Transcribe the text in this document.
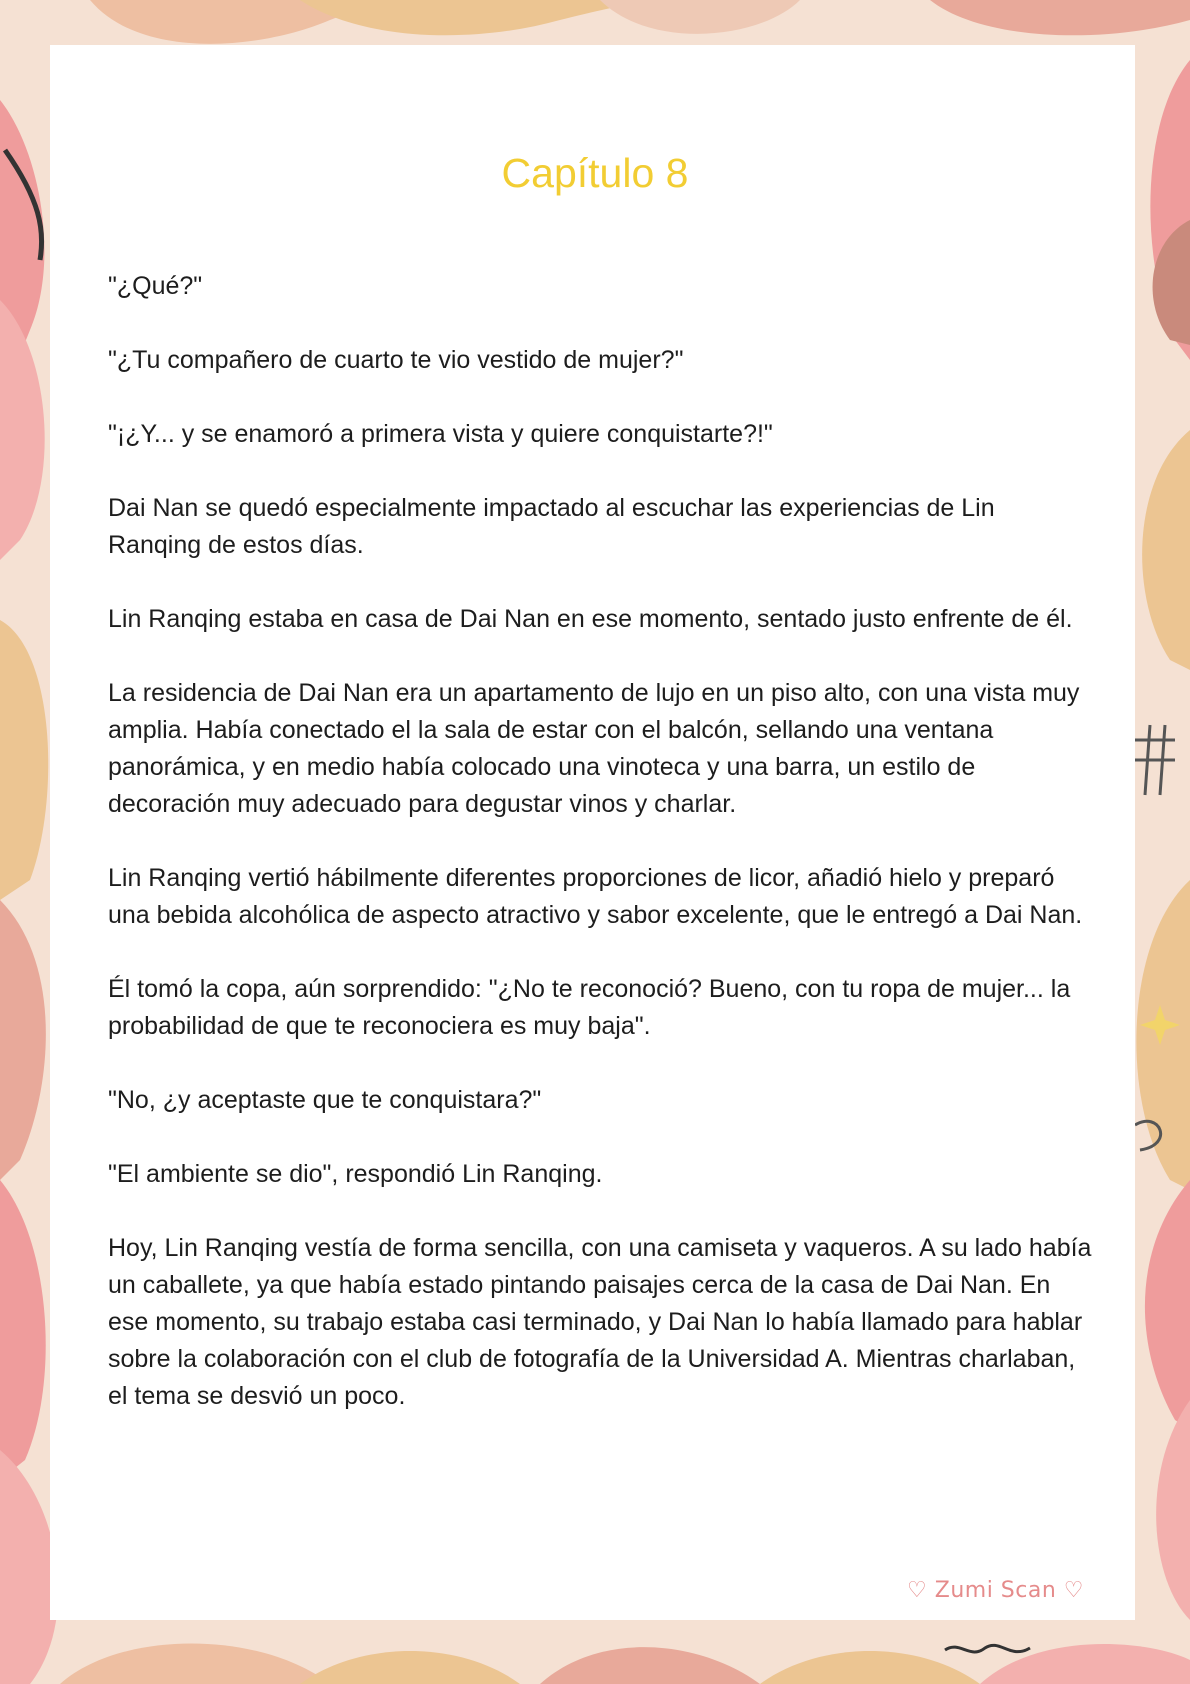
Capítulo 8

"¿Qué?"

"¿Tu compañero de cuarto te vio vestido de mujer?"

"¡¿Y... y se enamoró a primera vista y quiere conquistarte?!"

Dai Nan se quedó especialmente impactado al escuchar las experiencias de Lin Ranqing de estos días.

Lin Ranqing estaba en casa de Dai Nan en ese momento, sentado justo enfrente de él.

La residencia de Dai Nan era un apartamento de lujo en un piso alto, con una vista muy amplia. Había conectado el la sala de estar con el balcón, sellando una ventana panorámica, y en medio había colocado una vinoteca y una barra, un estilo de decoración muy adecuado para degustar vinos y charlar.

Lin Ranqing vertió hábilmente diferentes proporciones de licor, añadió hielo y preparó una bebida alcohólica de aspecto atractivo y sabor excelente, que le entregó a Dai Nan.

Él tomó la copa, aún sorprendido: "¿No te reconoció? Bueno, con tu ropa de mujer... la probabilidad de que te reconociera es muy baja".

"No, ¿y aceptaste que te conquistara?"

"El ambiente se dio", respondió Lin Ranqing.

Hoy, Lin Ranqing vestía de forma sencilla, con una camiseta y vaqueros. A su lado había un caballete, ya que había estado pintando paisajes cerca de la casa de Dai Nan. En ese momento, su trabajo estaba casi terminado, y Dai Nan lo había llamado para hablar sobre la colaboración con el club de fotografía de la Universidad A. Mientras charlaban, el tema se desvió un poco.

♡ Zumi Scan ♡
